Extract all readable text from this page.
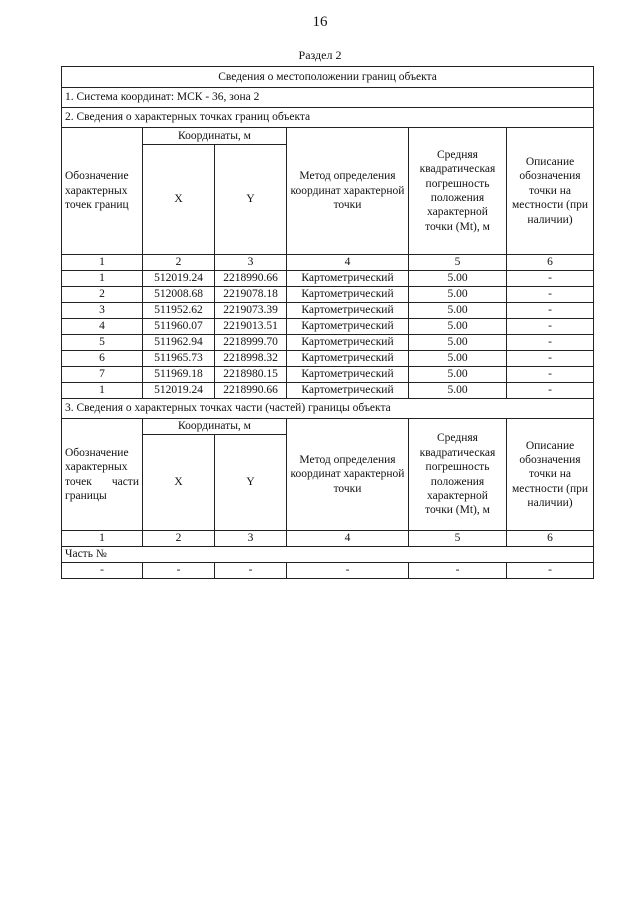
16
Раздел 2
Сведения о местоположении границ объекта					
1. Система координат: МСК - 36, зона 2					
2. Сведения о характерных точках границ объекта					
Обозначение характерных точек границ	Координаты, м		Метод определения координат характерной точки	Средняя квадратическая погрешность положения характерной точки (Mt), м	Описание обозначения точки на местности (при наличии)
	X	Y			
1	2	3	4	5	6
1	512019.24	2218990.66	Картометрический	5.00	-
2	512008.68	2219078.18	Картометрический	5.00	-
3	511952.62	2219073.39	Картометрический	5.00	-
4	511960.07	2219013.51	Картометрический	5.00	-
5	511962.94	2218999.70	Картометрический	5.00	-
6	511965.73	2218998.32	Картометрический	5.00	-
7	511969.18	2218980.15	Картометрический	5.00	-
1	512019.24	2218990.66	Картометрический	5.00	-
3. Сведения о характерных точках части (частей) границы объекта					
Обозначение характерных точек части границы	Координаты, м		Метод определения координат характерной точки	Средняя квадратическая погрешность положения характерной точки (Mt), м	Описание обозначения точки на местности (при наличии)
	X	Y			
1	2	3	4	5	6
Часть №					
-	-	-	-	-	-
